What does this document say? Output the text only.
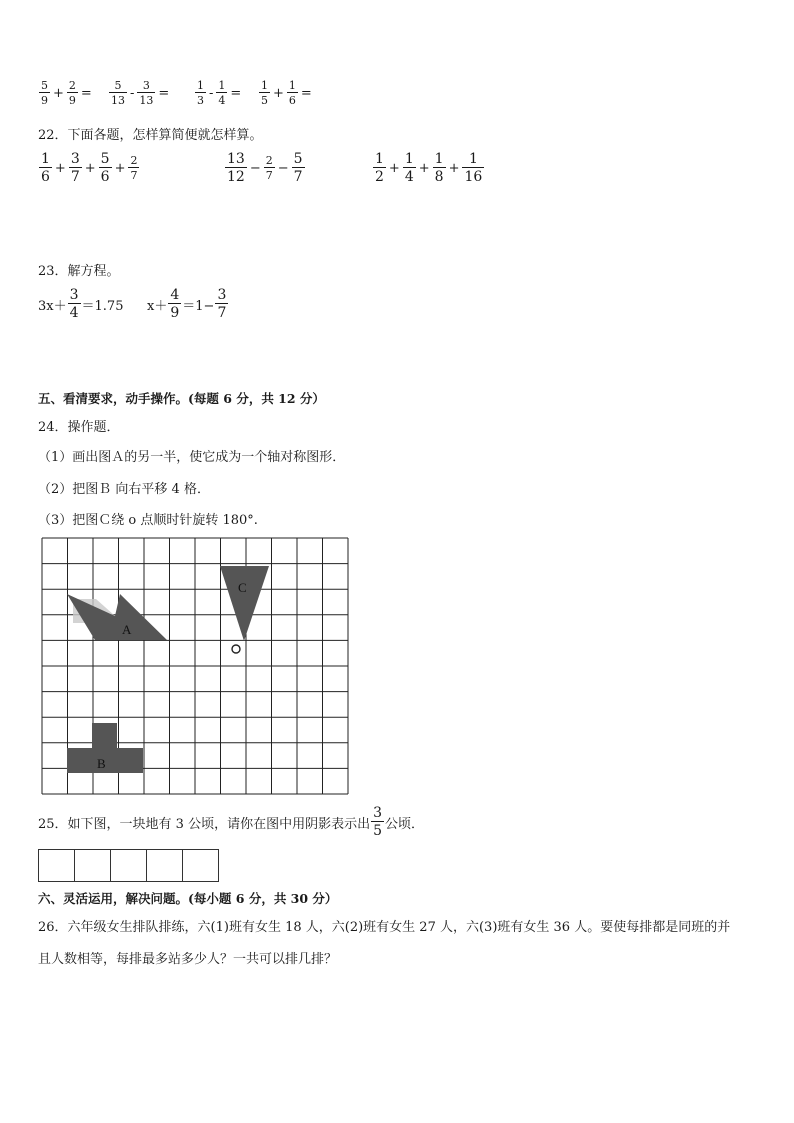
$\frac{5}{9} + \frac{2}{9} = \frac{5}{13} - \frac{3}{13} = \frac{1}{3} - \frac{1}{4} = \frac{1}{5} + \frac{1}{6}$ =
22．下面各题，怎样算简便就怎样算。
$\frac{1}{6} + \frac{3}{7} + \frac{5}{6} + \frac{2}{7}$	$\frac{13}{12} - \frac{2}{7} - \frac{5}{7}$	$\frac{1}{2} + \frac{1}{4} + \frac{1}{8} + \frac{1}{16}$
23．解方程。
$3x+ \frac{3}{4} =1.75$ $x+ \frac{4}{9} =1- \frac{3}{7}$
五、看清要求，动手操作。(每题 6 分，共 12 分）
24．操作题．
（1）画出图Ａ的另一半，使它成为一个轴对称图形．
（2）把图Ｂ 向右平移 4 格．
（3）把图Ｃ绕 o 点顺时针旋转 180°.
A
B
C
25．如下图，一块地有 3 公顷，请你在图中用阴影表示出 $\frac{3}{5}$ 公顷．
六、灵活运用，解决问题。(每小题 6 分，共 30 分）
26．六年级女生排队排练，六(1)班有女生 18 人，六(2)班有女生 27 人，六(3)班有女生 36 人。要使每排都是同班的并
且人数相等，每排最多站多少人？一共可以排几排？
